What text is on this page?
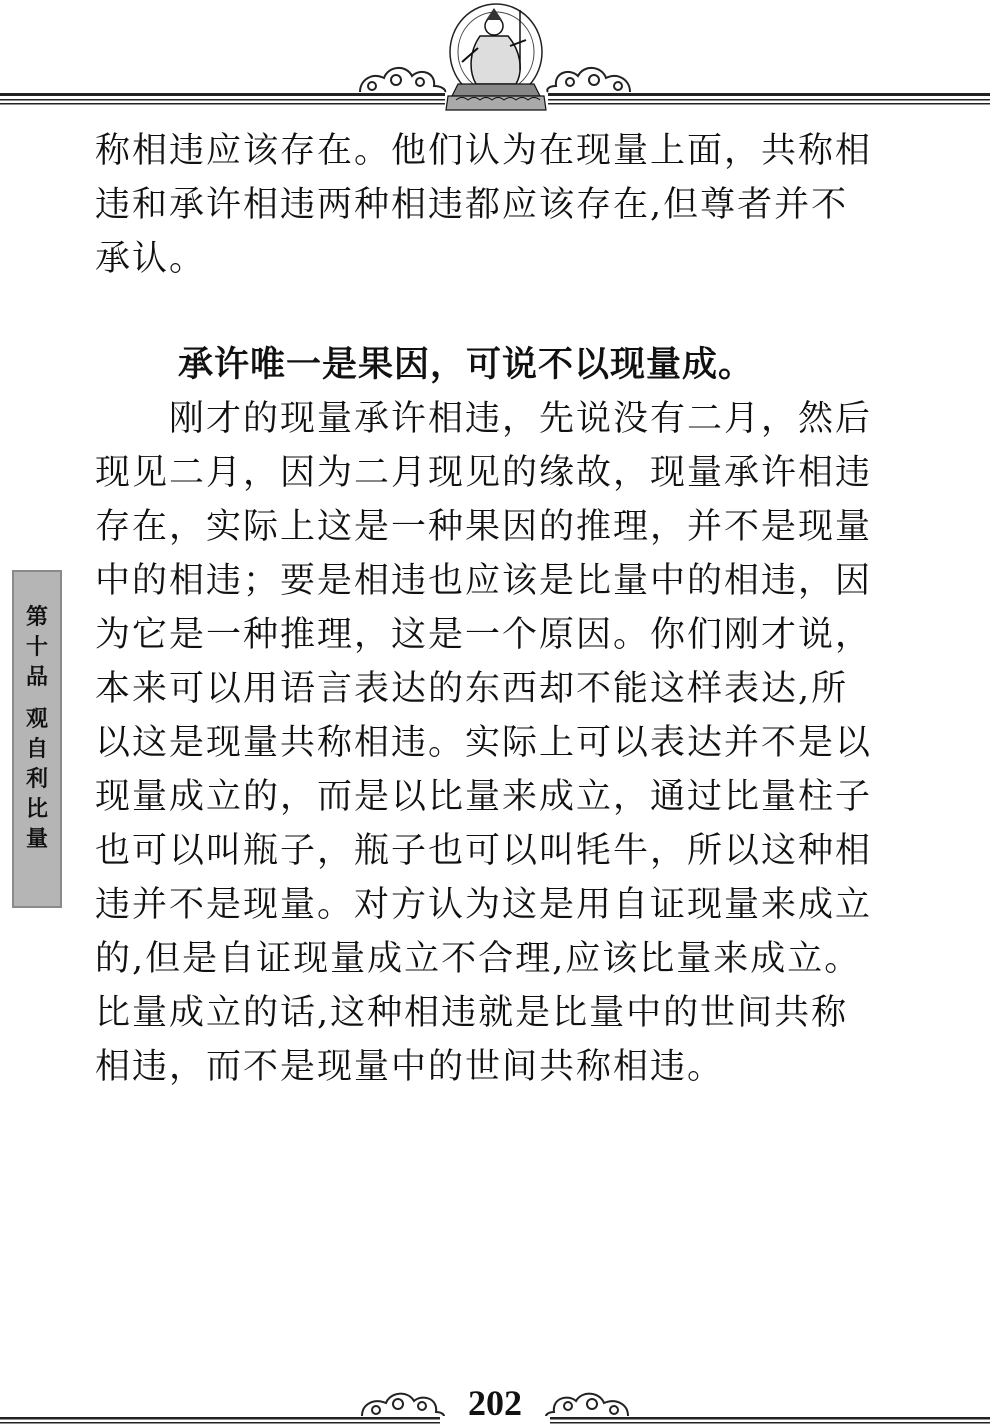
称相违应该存在。他们认为在现量上面，共称相
违和承许相违两种相违都应该存在,但尊者并不
承认。
承许唯一是果因，可说不以现量成。
　　刚才的现量承许相违，先说没有二月，然后
现见二月，因为二月现见的缘故，现量承许相违
存在，实际上这是一种果因的推理，并不是现量
中的相违；要是相违也应该是比量中的相违，因
为它是一种推理，这是一个原因。你们刚才说，
本来可以用语言表达的东西却不能这样表达,所
以这是现量共称相违。实际上可以表达并不是以
现量成立的，而是以比量来成立，通过比量柱子
也可以叫瓶子，瓶子也可以叫牦牛，所以这种相
违并不是现量。对方认为这是用自证现量来成立
的,但是自证现量成立不合理,应该比量来成立。
比量成立的话,这种相违就是比量中的世间共称
相违，而不是现量中的世间共称相违。
第
十
品
观
自
利
比
量
202
